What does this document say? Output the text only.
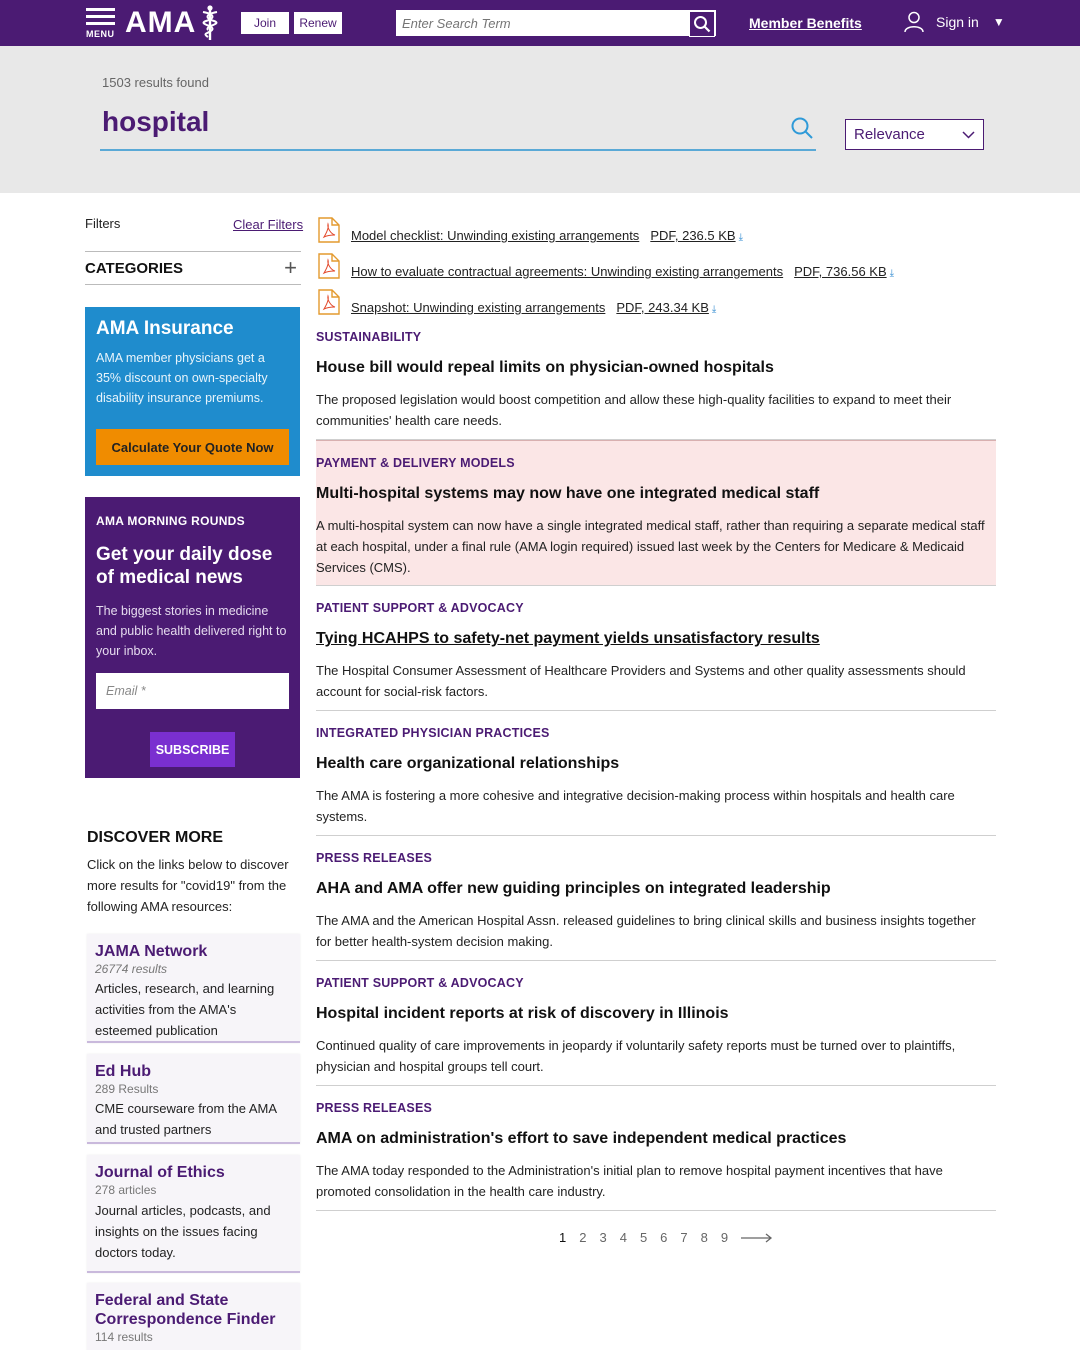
MENU AMA	Join	Renew
Enter Search Term	Member Benefits	Sign in ▼
1503 results found
hospital	Relevance
Filters	Clear Filters
CATEGORIES	+
AMA Insurance
AMA member physicians get a 35% discount on own-specialty disability insurance premiums.
Calculate Your Quote Now
AMA MORNING ROUNDS
Get your daily dose of medical news
The biggest stories in medicine and public health delivered right to your inbox.
Email *
SUBSCRIBE
DISCOVER MORE
Click on the links below to discover more results for "covid19" from the following AMA resources:
JAMA Network
26774 results
Articles, research, and learning activities from the AMA's esteemed publication
Ed Hub
289 Results
CME courseware from the AMA and trusted partners
Journal of Ethics
278 articles
Journal articles, podcasts, and insights on the issues facing doctors today.
Federal and State Correspondence Finder
114 results
Model checklist: Unwinding existing arrangements PDF, 236.5 KB ⤓
How to evaluate contractual agreements: Unwinding existing arrangements PDF, 736.56 KB ⤓
Snapshot: Unwinding existing arrangements PDF, 243.34 KB ⤓
SUSTAINABILITY
House bill would repeal limits on physician-owned hospitals
The proposed legislation would boost competition and allow these high-quality facilities to expand to meet their communities' health care needs.
PAYMENT & DELIVERY MODELS
Multi-hospital systems may now have one integrated medical staff
A multi-hospital system can now have a single integrated medical staff, rather than requiring a separate medical staff at each hospital, under a final rule (AMA login required) issued last week by the Centers for Medicare & Medicaid Services (CMS).
PATIENT SUPPORT & ADVOCACY
Tying HCAHPS to safety-net payment yields unsatisfactory results
The Hospital Consumer Assessment of Healthcare Providers and Systems and other quality assessments should account for social-risk factors.
INTEGRATED PHYSICIAN PRACTICES
Health care organizational relationships
The AMA is fostering a more cohesive and integrative decision-making process within hospitals and health care systems.
PRESS RELEASES
AHA and AMA offer new guiding principles on integrated leadership
The AMA and the American Hospital Assn. released guidelines to bring clinical skills and business insights together for better health-system decision making.
PATIENT SUPPORT & ADVOCACY
Hospital incident reports at risk of discovery in Illinois
Continued quality of care improvements in jeopardy if voluntarily safety reports must be turned over to plaintiffs, physician and hospital groups tell court.
PRESS RELEASES
AMA on administration's effort to save independent medical practices
The AMA today responded to the Administration's initial plan to remove hospital payment incentives that have promoted consolidation in the health care industry.
1 2 3 4 5 6 7 8 9
